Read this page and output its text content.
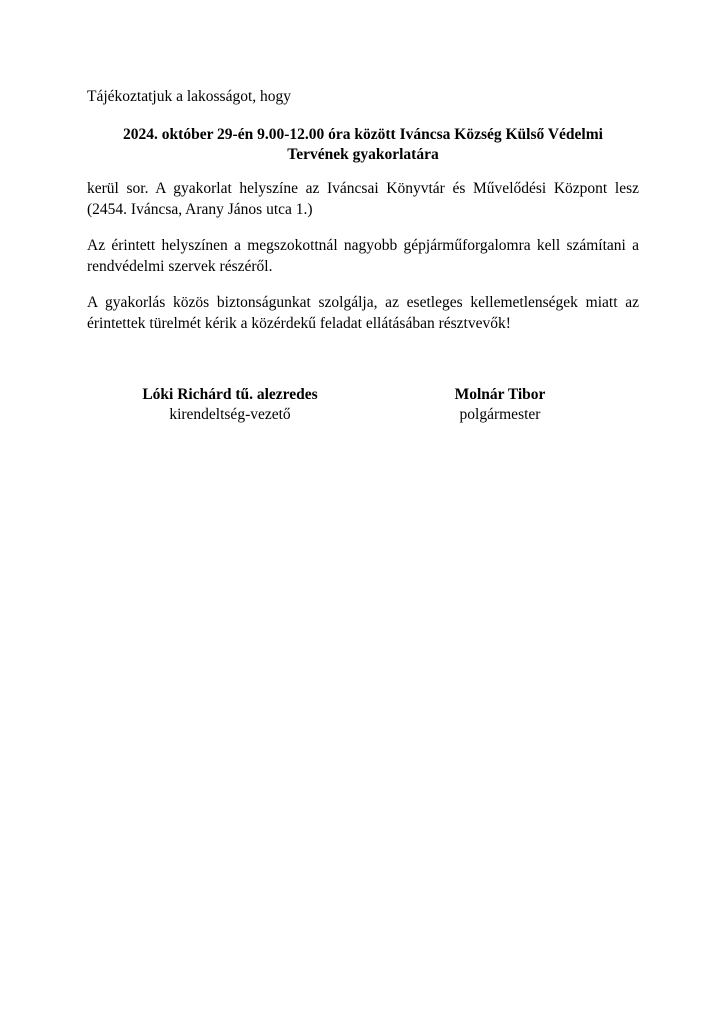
Tájékoztatjuk a lakosságot, hogy
2024. október 29-én 9.00-12.00 óra között Iváncsa Község Külső Védelmi
Tervének gyakorlatára
kerül sor. A gyakorlat helyszíne az Iváncsai Könyvtár és Művelődési Központ lesz (2454. Iváncsa, Arany János utca 1.)
Az érintett helyszínen a megszokottnál nagyobb gépjárműforgalomra kell számítani a rendvédelmi szervek részéről.
A gyakorlás közös biztonságunkat szolgálja, az esetleges kellemetlenségek miatt az érintettek türelmét kérik a közérdekű feladat ellátásában résztvevők!
Lóki Richárd tű. alezredes
kirendeltség-vezető
Molnár Tibor
polgármester
